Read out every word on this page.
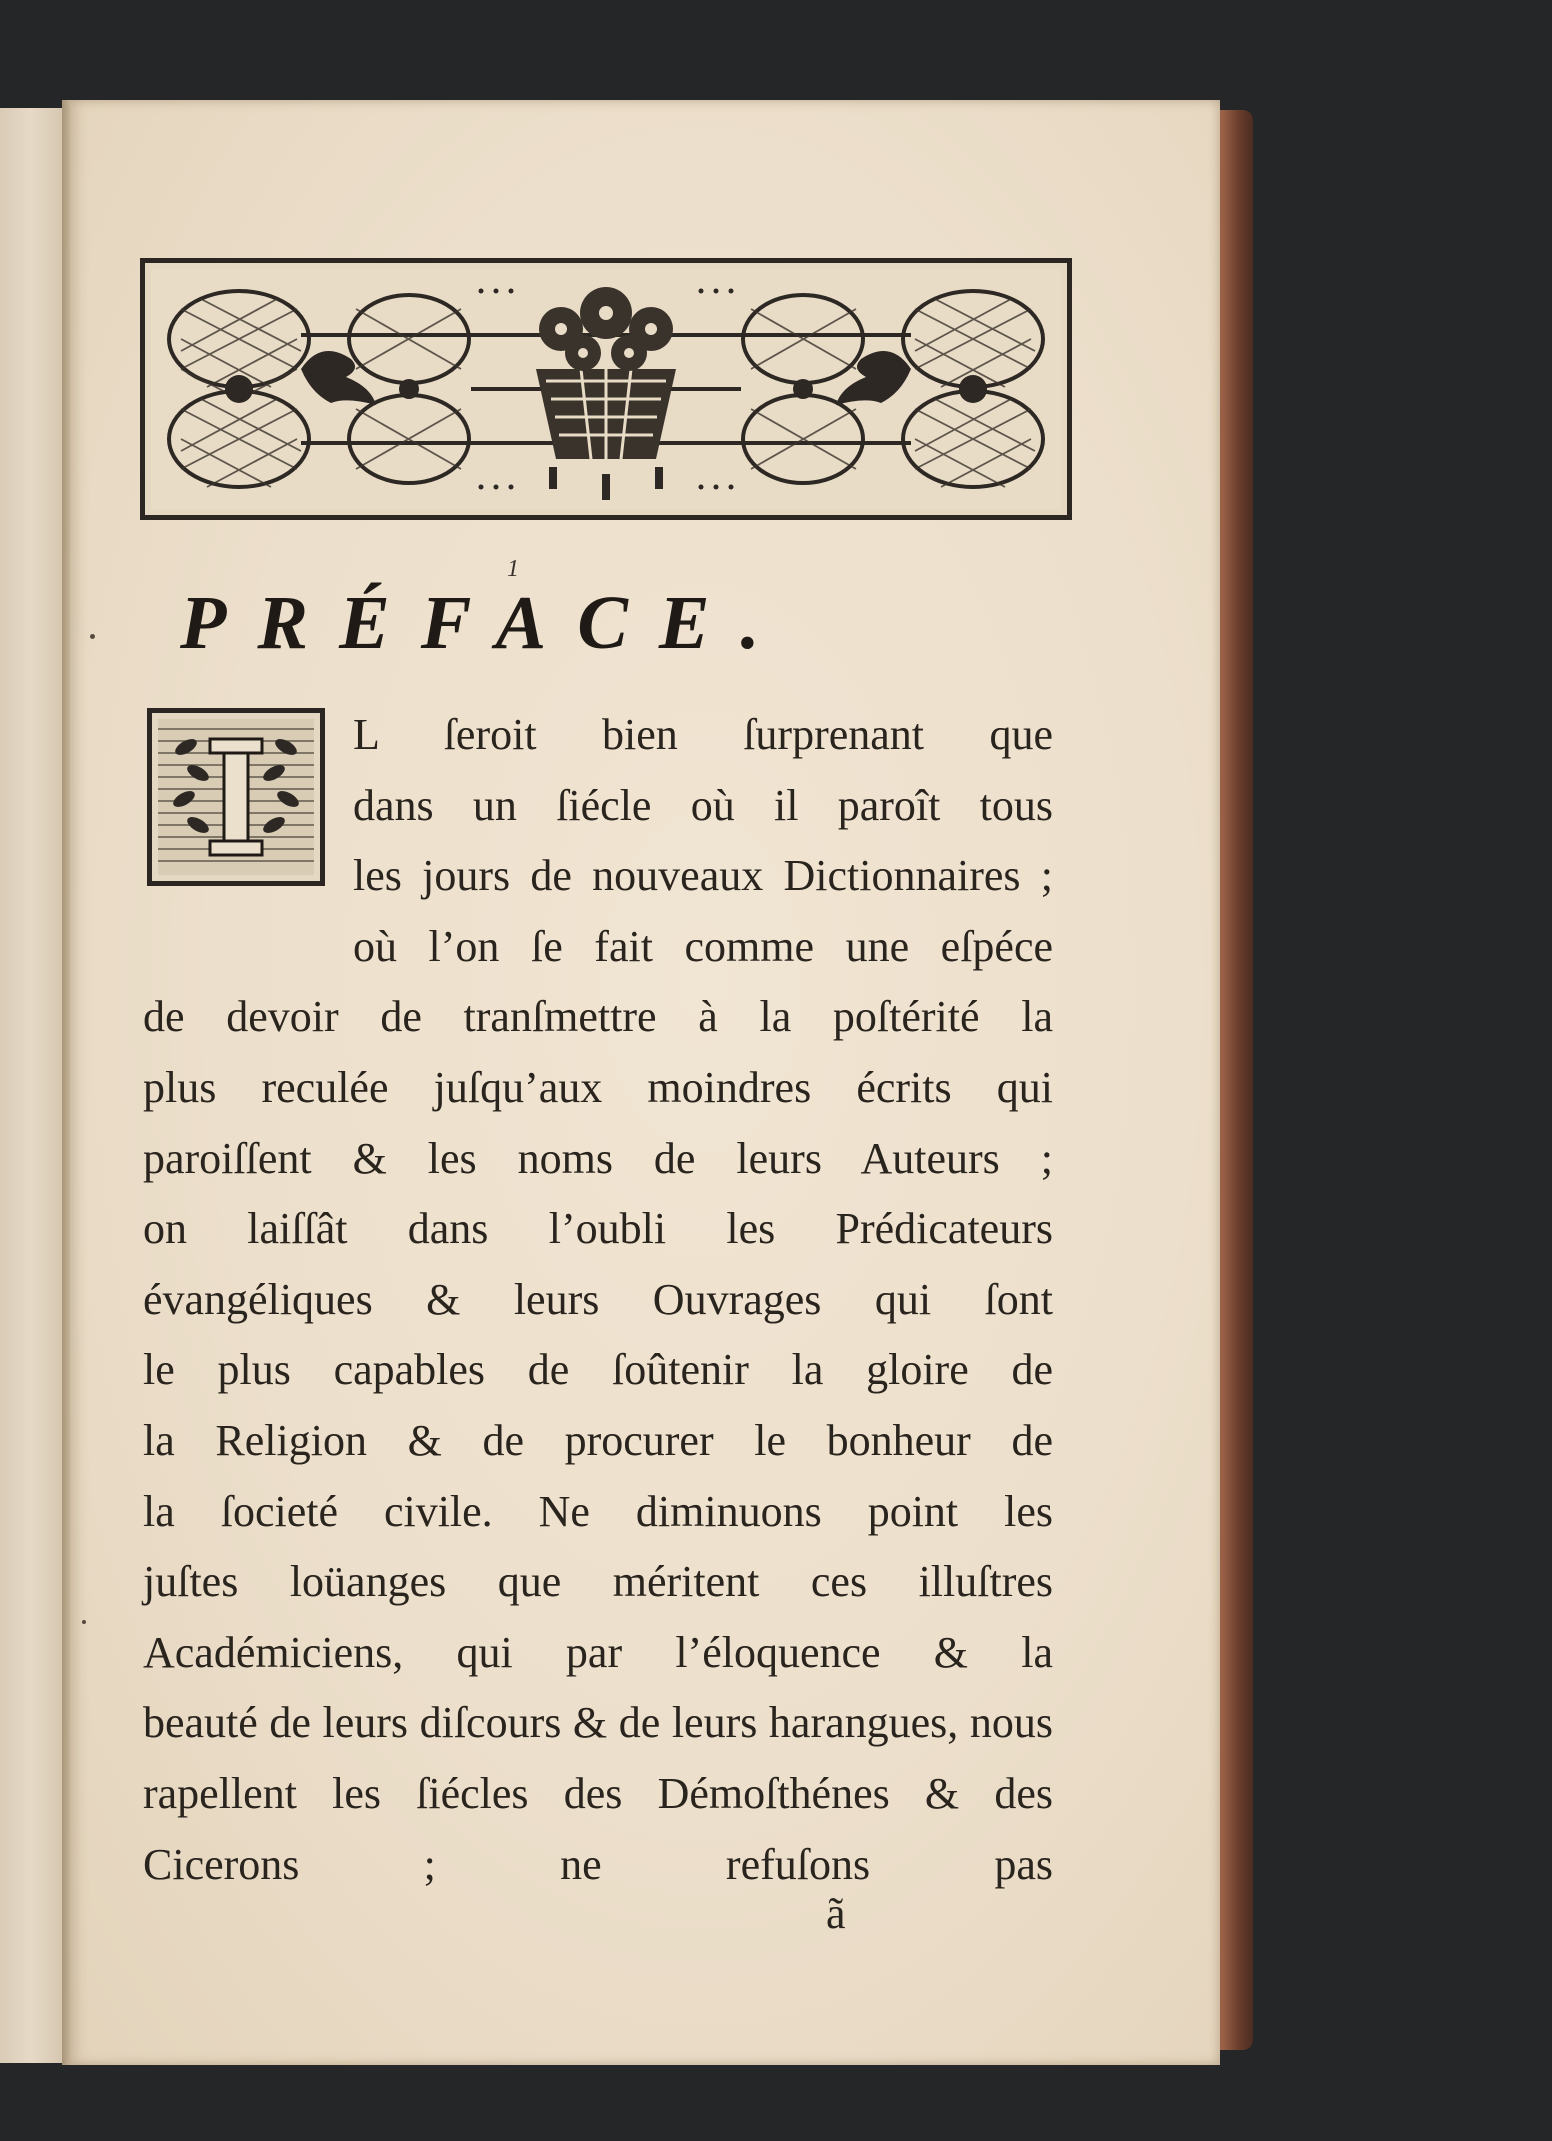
1
PRÉFACE.
L ſeroit bien ſurprenant que
dans un ſiécle où il paroît tous
les jours de nouveaux Dictionnaires ; où l’on ſe fait comme une eſpéce
de devoir de tranſmettre à la poſtérité la
plus reculée juſqu’aux moindres écrits qui
paroiſſent & les noms de leurs Auteurs ;
on laiſſât dans l’oubli les Prédicateurs
évangéliques & leurs Ouvrages qui ſont
le plus capables de ſoûtenir la gloire de
la Religion & de procurer le bonheur de
la ſocieté civile. Ne diminuons point les
juſtes loüanges que méritent ces illuſtres
Académiciens, qui par l’éloquence & la
beauté de leurs diſcours & de leurs harangues, nous rapellent les ſiécles des Démoſthénes & des Cicerons ; ne refuſons pas
ã
